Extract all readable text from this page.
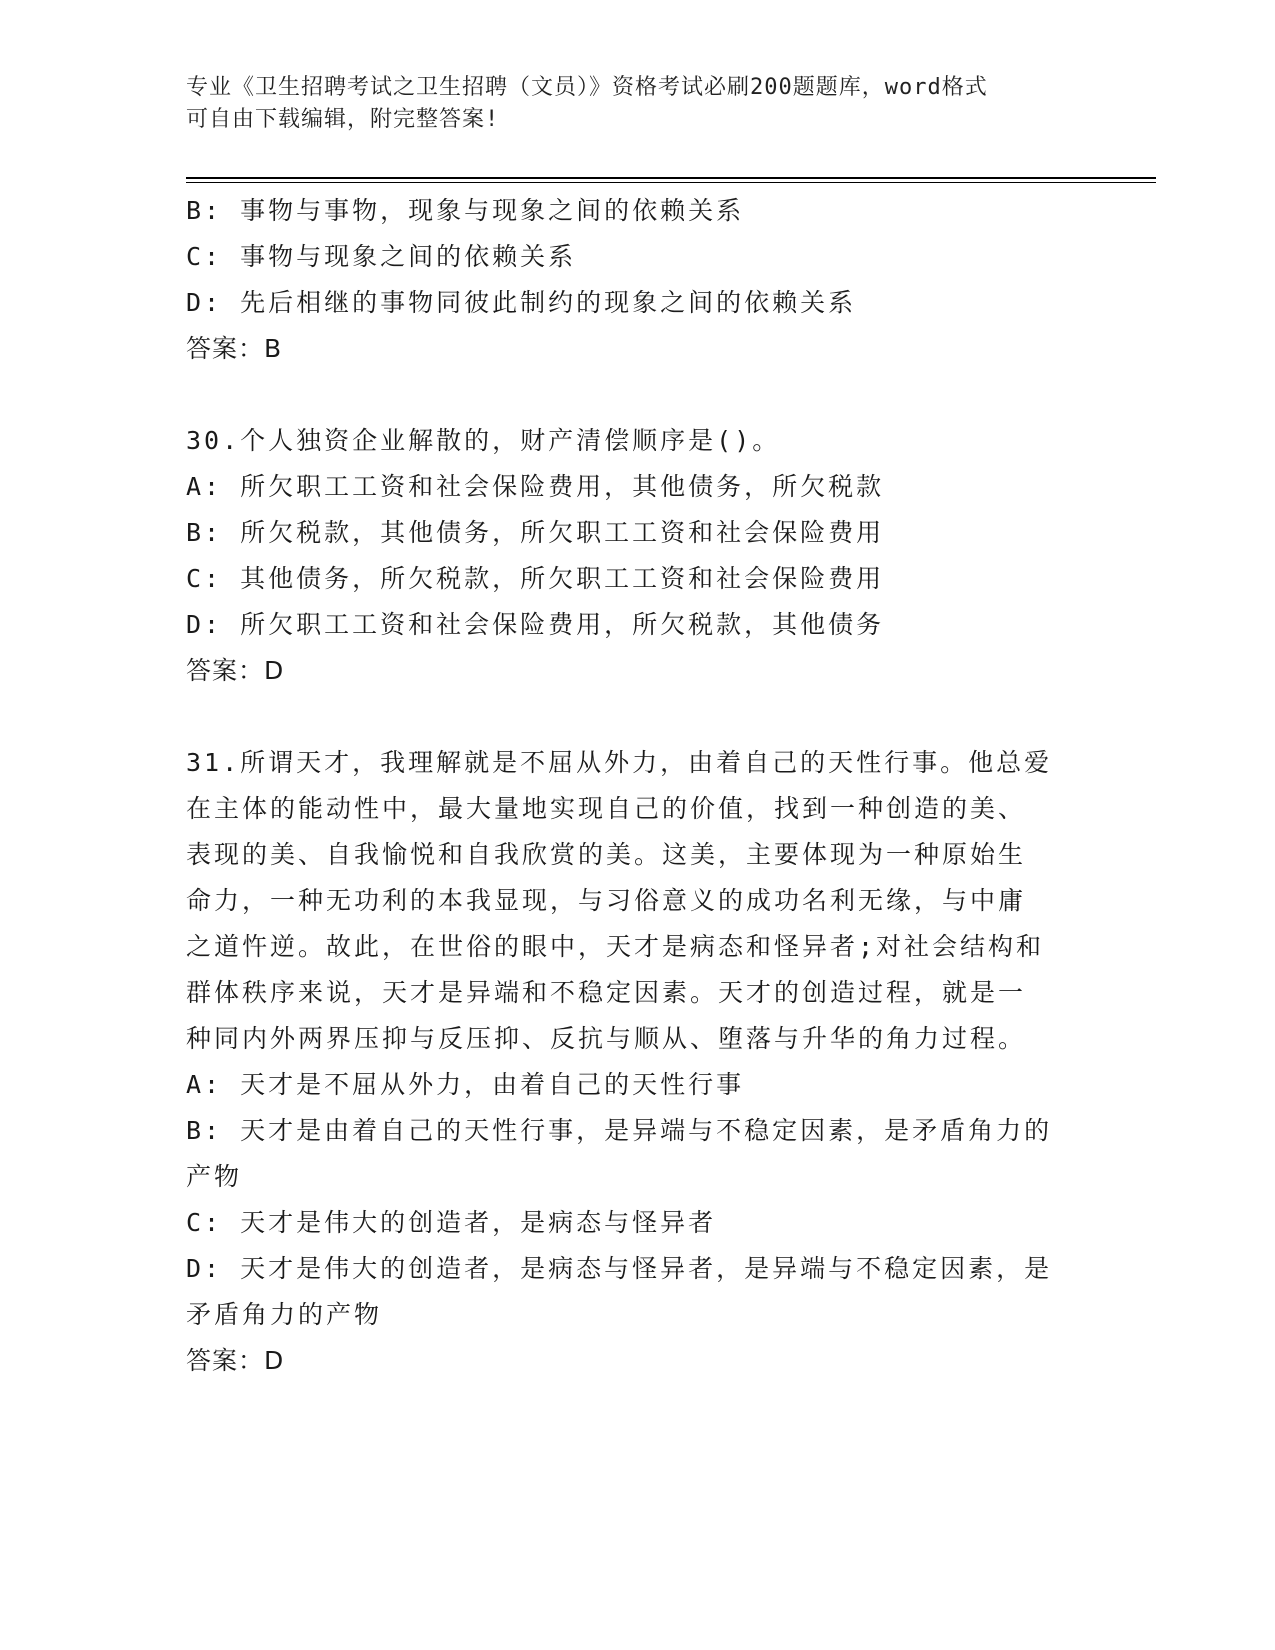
专业《卫生招聘考试之卫生招聘（文员）》资格考试必刷200题题库，word格式
可自由下载编辑，附完整答案!
B: 事物与事物，现象与现象之间的依赖关系
C: 事物与现象之间的依赖关系
D: 先后相继的事物同彼此制约的现象之间的依赖关系
答案：B
30.个人独资企业解散的，财产清偿顺序是()。
A: 所欠职工工资和社会保险费用，其他债务，所欠税款
B: 所欠税款，其他债务，所欠职工工资和社会保险费用
C: 其他债务，所欠税款，所欠职工工资和社会保险费用
D: 所欠职工工资和社会保险费用，所欠税款，其他债务
答案：D
31.所谓天才，我理解就是不屈从外力，由着自己的天性行事。他总爱
在主体的能动性中，最大量地实现自己的价值，找到一种创造的美、
表现的美、自我愉悦和自我欣赏的美。这美，主要体现为一种原始生
命力，一种无功利的本我显现，与习俗意义的成功名利无缘，与中庸
之道忤逆。故此，在世俗的眼中，天才是病态和怪异者;对社会结构和
群体秩序来说，天才是异端和不稳定因素。天才的创造过程，就是一
种同内外两界压抑与反压抑、反抗与顺从、堕落与升华的角力过程。
A: 天才是不屈从外力，由着自己的天性行事
B: 天才是由着自己的天性行事，是异端与不稳定因素，是矛盾角力的
产物
C: 天才是伟大的创造者，是病态与怪异者
D: 天才是伟大的创造者，是病态与怪异者，是异端与不稳定因素，是
矛盾角力的产物
答案：D
